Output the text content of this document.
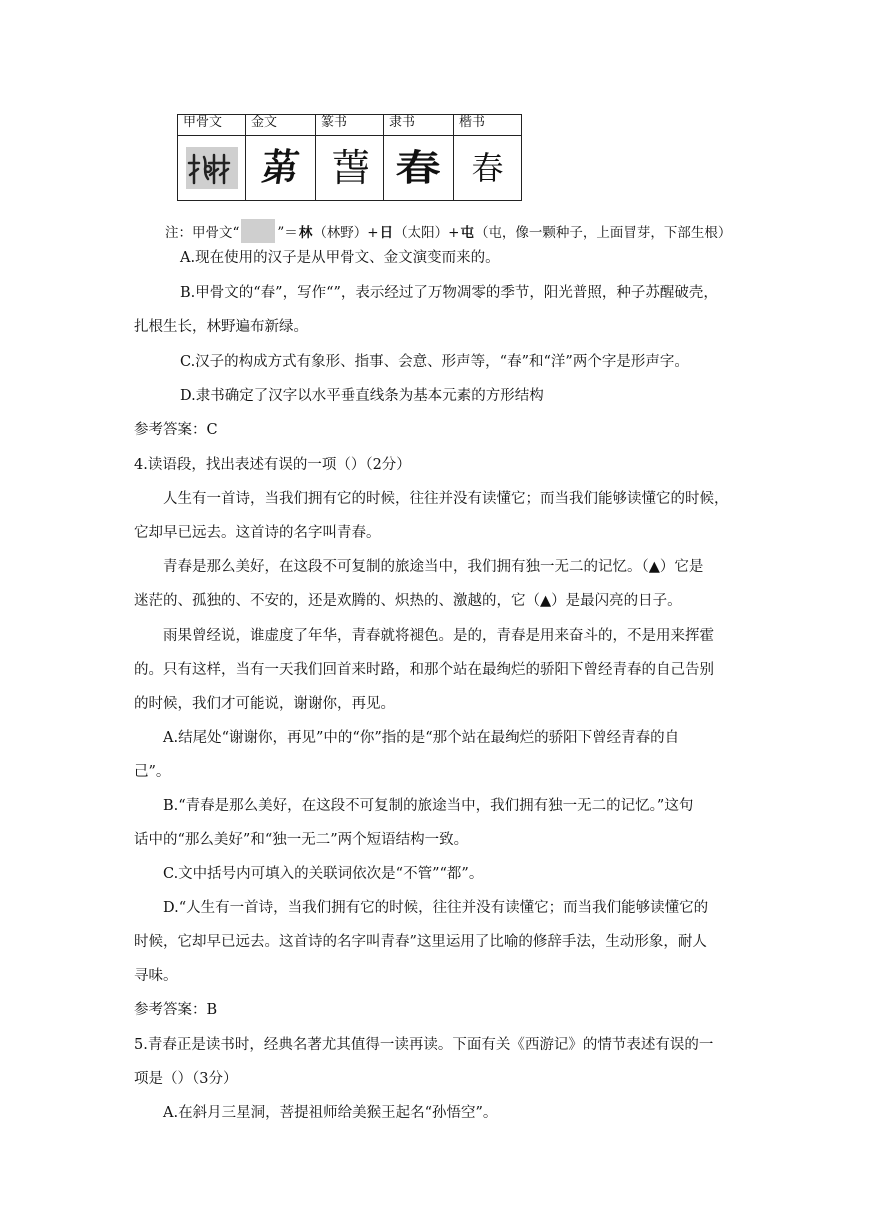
甲骨文	金文	篆书	隶书	楷书
	𦯔	萅	春	春
注：甲骨文“	”＝林（林野）+日（太阳）+屯（屯，像一颗种子，上面冒芽，下部生根）
A.现在使用的汉子是从甲骨文、金文演变而来的。
B.甲骨文的“春”，写作“”，表示经过了万物凋零的季节，阳光普照，种子苏醒破壳，
扎根生长，林野遍布新绿。
C.汉子的构成方式有象形、指事、会意、形声等，“春”和“洋”两个字是形声字。
D.隶书确定了汉字以水平垂直线条为基本元素的方形结构
参考答案：C
4.读语段，找出表述有误的一项（）（2分）
人生有一首诗，当我们拥有它的时候，往往并没有读懂它；而当我们能够读懂它的时候，
它却早已远去。这首诗的名字叫青春。
青春是那么美好，在这段不可复制的旅途当中，我们拥有独一无二的记忆。（▲）它是
迷茫的、孤独的、不安的，还是欢腾的、炽热的、激越的，它（▲）是最闪亮的日子。
雨果曾经说，谁虚度了年华，青春就将褪色。是的，青春是用来奋斗的，不是用来挥霍
的。只有这样，当有一天我们回首来时路，和那个站在最绚烂的骄阳下曾经青春的自己告别
的时候，我们才可能说，谢谢你，再见。
A.结尾处“谢谢你，再见”中的“你”指的是“那个站在最绚烂的骄阳下曾经青春的自
己”。
B.“青春是那么美好，在这段不可复制的旅途当中，我们拥有独一无二的记忆。”这句
话中的“那么美好”和“独一无二”两个短语结构一致。
C.文中括号内可填入的关联词依次是“不管”“都”。
D.“人生有一首诗，当我们拥有它的时候，往往并没有读懂它；而当我们能够读懂它的
时候，它却早已远去。这首诗的名字叫青春”这里运用了比喻的修辞手法，生动形象，耐人
寻味。
参考答案：B
5.青春正是读书时，经典名著尤其值得一读再读。下面有关《西游记》的情节表述有误的一
项是（）（3分）
A.在斜月三星洞，菩提祖师给美猴王起名“孙悟空”。
